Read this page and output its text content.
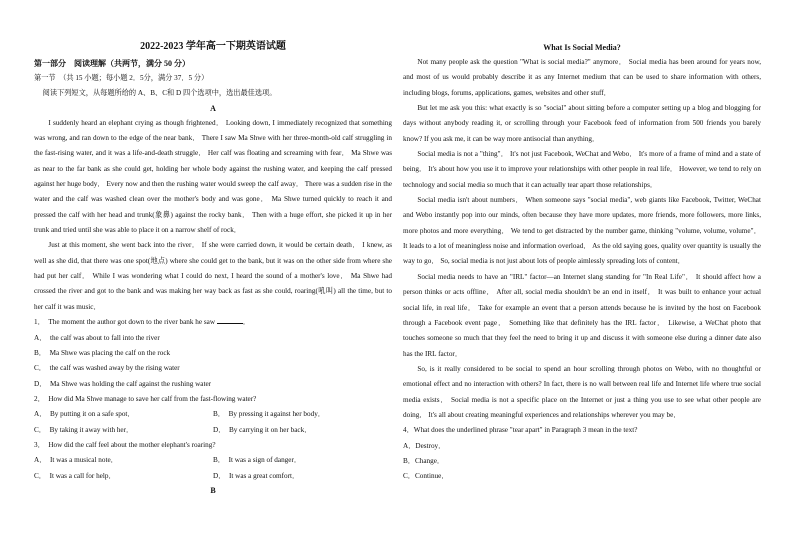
2022-2023 学年高一下期英语试题
第一部分　阅读理解（共两节，满分 50 分）
第一节　（共 15 小题；每小题 2．5分，满分 37．5 分）
阅读下列短文，从每题所给的 A、B、C和 D 四个选项中，选出最佳选项。
A

I suddenly heard an elephant crying as though frightened． Looking down, I immediately recognized that something was wrong, and ran down to the edge of the near bank． There I saw Ma Shwe with her three-month-old calf struggling in the fast-rising water, and it was a life-and-death struggle． Her calf was floating and screaming with fear． Ma Shwe was as near to the far bank as she could get, holding her whole body against the rushing water, and keeping the calf pressed against her huge body． Every now and then the rushing water would sweep the calf away． There was a sudden rise in the water and the calf was washed clean over the mother's body and was gone． Ma Shwe turned quickly to reach it and pressed the calf with her head and trunk(象鼻) against the rocky bank． Then with a huge effort, she picked it up in her trunk and tried until she was able to place it on a narrow shelf of rock．

Just at this moment, she went back into the river． If she were carried down, it would be certain death． I knew, as well as she did, that there was one spot(地点) where she could get to the bank, but it was on the other side from where she had put her calf． While I was wondering what I could do next, I heard the sound of a mother's love． Ma Shwe had crossed the river and got to the bank and was making her way back as fast as she could, roaring(吼叫) all the time, but to her calf it was music．

1．　The moment the author got down to the river bank he saw	．
A．　the calf was about to fall into the river
B．　Ma Shwe was placing the calf on the rock
C．　the calf was washed away by the rising water
D．　Ma Shwe was holding the calf against the rushing water
2．　How did Ma Shwe manage to save her calf from the fast-flowing water?
A．　By putting it on a safe spot．	B．　By pressing it against her body．
C．　By taking it away with her．	D．　By carrying it on her back．
3．　How did the calf feel about the mother elephant's roaring?
A．　It was a musical note．	B．　It was a sign of danger．
C．　It was a call for help．	D．　It was a great comfort．
B
What Is Social Media?

Not many people ask the question "What is social media?" anymore． Social media has been around for years now, and most of us would probably describe it as any Internet medium that can be used to share information with others, including blogs, forums, applications, games, websites and other stuff．

But let me ask you this: what exactly is so "social" about sitting before a computer setting up a blog and blogging for days without anybody reading it, or scrolling through your Facebook feed of information from 500 friends you barely know? If you ask me, it can be way more antisocial than anything．

Social media is not a "thing"． It's not just Facebook, WeChat and Webo． It's more of a frame of mind and a state of being． It's about how you use it to improve your relationships with other people in real life． However, we tend to rely on technology and social media so much that it can actually tear apart those relationships．

Social media isn't about numbers． When someone says "social media", web giants like Facebook, Twitter, WeChat and Webo instantly pop into our minds, often because they have more updates, more friends, more followers, more links, more photos and more everything． We tend to get distracted by the number game, thinking "volume, volume, volume"． It leads to a lot of meaningless noise and information overload． As the old saying goes, quality over quantity is usually the way to go． So, social media is not just about lots of people aimlessly spreading lots of content．

Social media needs to have an "IRL" factor—an Internet slang standing for "In Real Life"． It should affect how a person thinks or acts offline． After all, social media shouldn't be an end in itself． It was built to enhance your actual social life, in real life． Take for example an event that a person attends because he is invited by the host on Facebook through a Facebook event page． Something like that definitely has the IRL factor． Likewise, a WeChat photo that touches someone so much that they feel the need to bring it up and discuss it with someone else during a dinner date also has the IRL factor．

So, is it really considered to be social to spend an hour scrolling through photos on Webo, with no thoughtful or emotional effect and no interaction with others? In fact, there is no wall between real life and Internet life where true social media exists． Social media is not a specific place on the Internet or just a thing you use to see what other people are doing． It's all about creating meaningful experiences and relationships wherever you may be．

4．What does the underlined phrase "tear apart" in Paragraph 3 mean in the text?
A．Destroy．
B．Change．
C．Continue．
